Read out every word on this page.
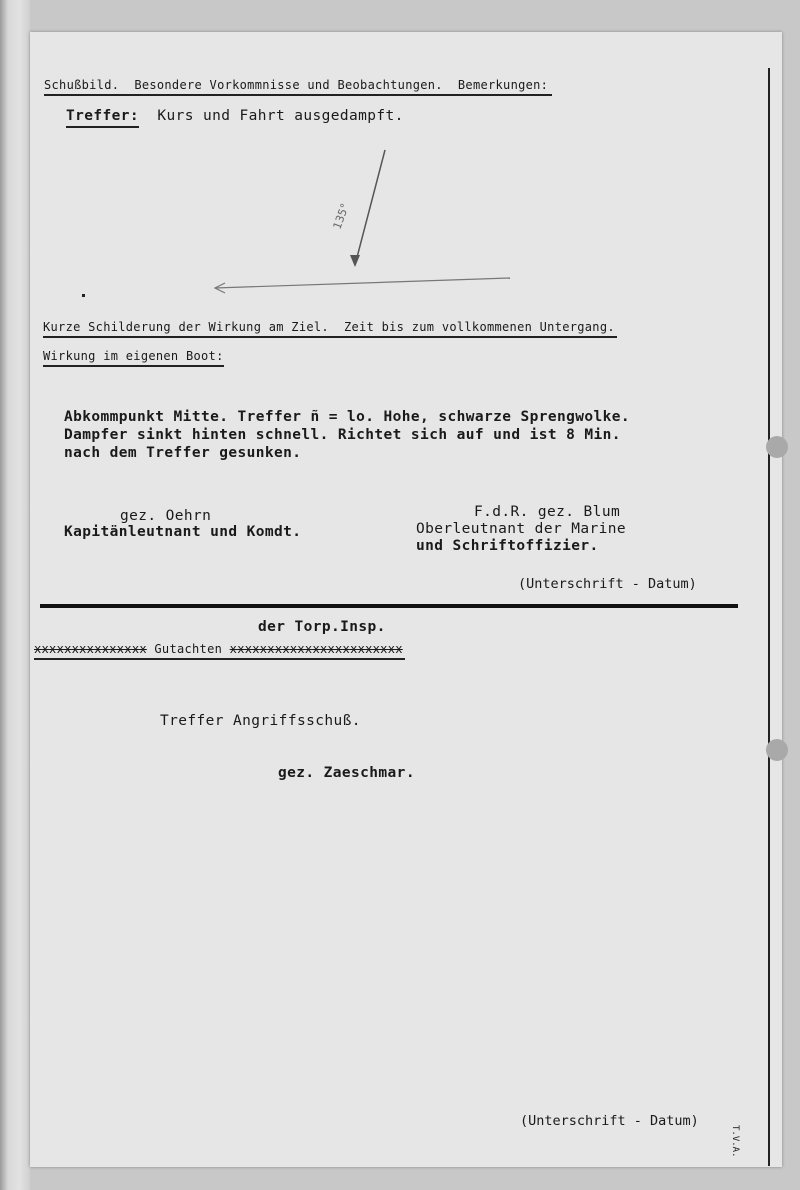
Schußbild. Besondere Vorkommnisse und Beobachtungen. Bemerkungen:
Treffer: Kurs und Fahrt ausgedampft.
135°
Kurze Schilderung der Wirkung am Ziel. Zeit bis zum vollkommenen Untergang.
Wirkung im eigenen Boot:
Abkommpunkt Mitte. Treffer ñ = lo. Hohe, schwarze Sprengwolke.
Dampfer sinkt hinten schnell. Richtet sich auf und ist 8 Min.
nach dem Treffer gesunken.
gez. Oehrn
Kapitänleutnant und Komdt.
F.d.R. gez. Blum
Oberleutnant der Marine
und Schriftoffizier.
(Unterschrift - Datum)
der Torp.Insp.
xxxxxxxxxxxxxxx Gutachten xxxxxxxxxxxxxxxxxxxxxxx
Treffer Angriffsschuß.
gez. Zaeschmar.
(Unterschrift - Datum)
T.V.A.
